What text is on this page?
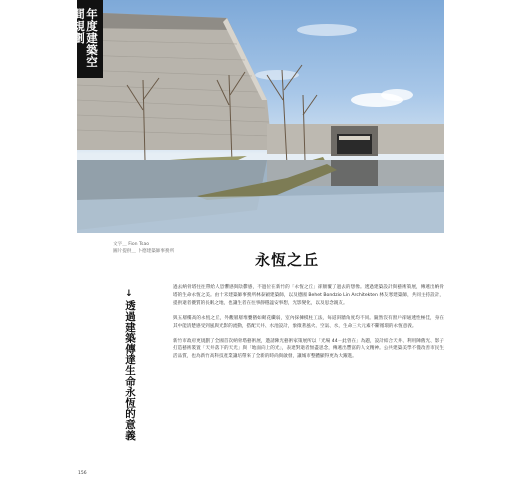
年度建築空間規劃
文字＿ Fion Tsao
圖片提供＿ 卜德建築師事務所	永恆之丘
↓
透過建築傳達生命永恆的意義

過去納骨塔往往帶給人恐懼感與陰鬱感，不過位在新竹的「永恆之丘」卻顛覆了過去的想像。透過建築設計與藝術策展，傳遞出納骨塔的生命永恆之美。由十禾建築師事務所林泰穎建築師，以及德國 Behet Bondzio Lin Architekten 林友寒建築師，共同主持設計，提供逝者優質的長眠之地，也讓生者在往事靜穩謐安事想，光影變化，以及思念親友。

與五層樓高的永恆之丘，外觀層層堆疊猶如砌花纖弱，室內採揀模柱工法，每道斜牆角度均不同。隨然沒有窗戶卻通透性極佳，身在其中能清楚感受到風與光影的流動，搭配天井、水池設計，象徵著風火、空氣、水，生命三大元素不斷循環的永恆意義。

新竹市政府更規劃了全國首次納骨塔藝術展，邀請陳光藝術家策展所以「光場 44－此曾在」為題，設計結合天井、利用陳舊光、影子打造藝術裝置「天井落下的天光」與「地面向上的光」，表達對逝者無盡思念，傳遞出豐富的人文精神。公共建築美學不僅改善市民生活品質，也為新竹高科技產業讓培帶來了全新的時尚與啟發，讓城市整體顯得更為大躍進。

156
